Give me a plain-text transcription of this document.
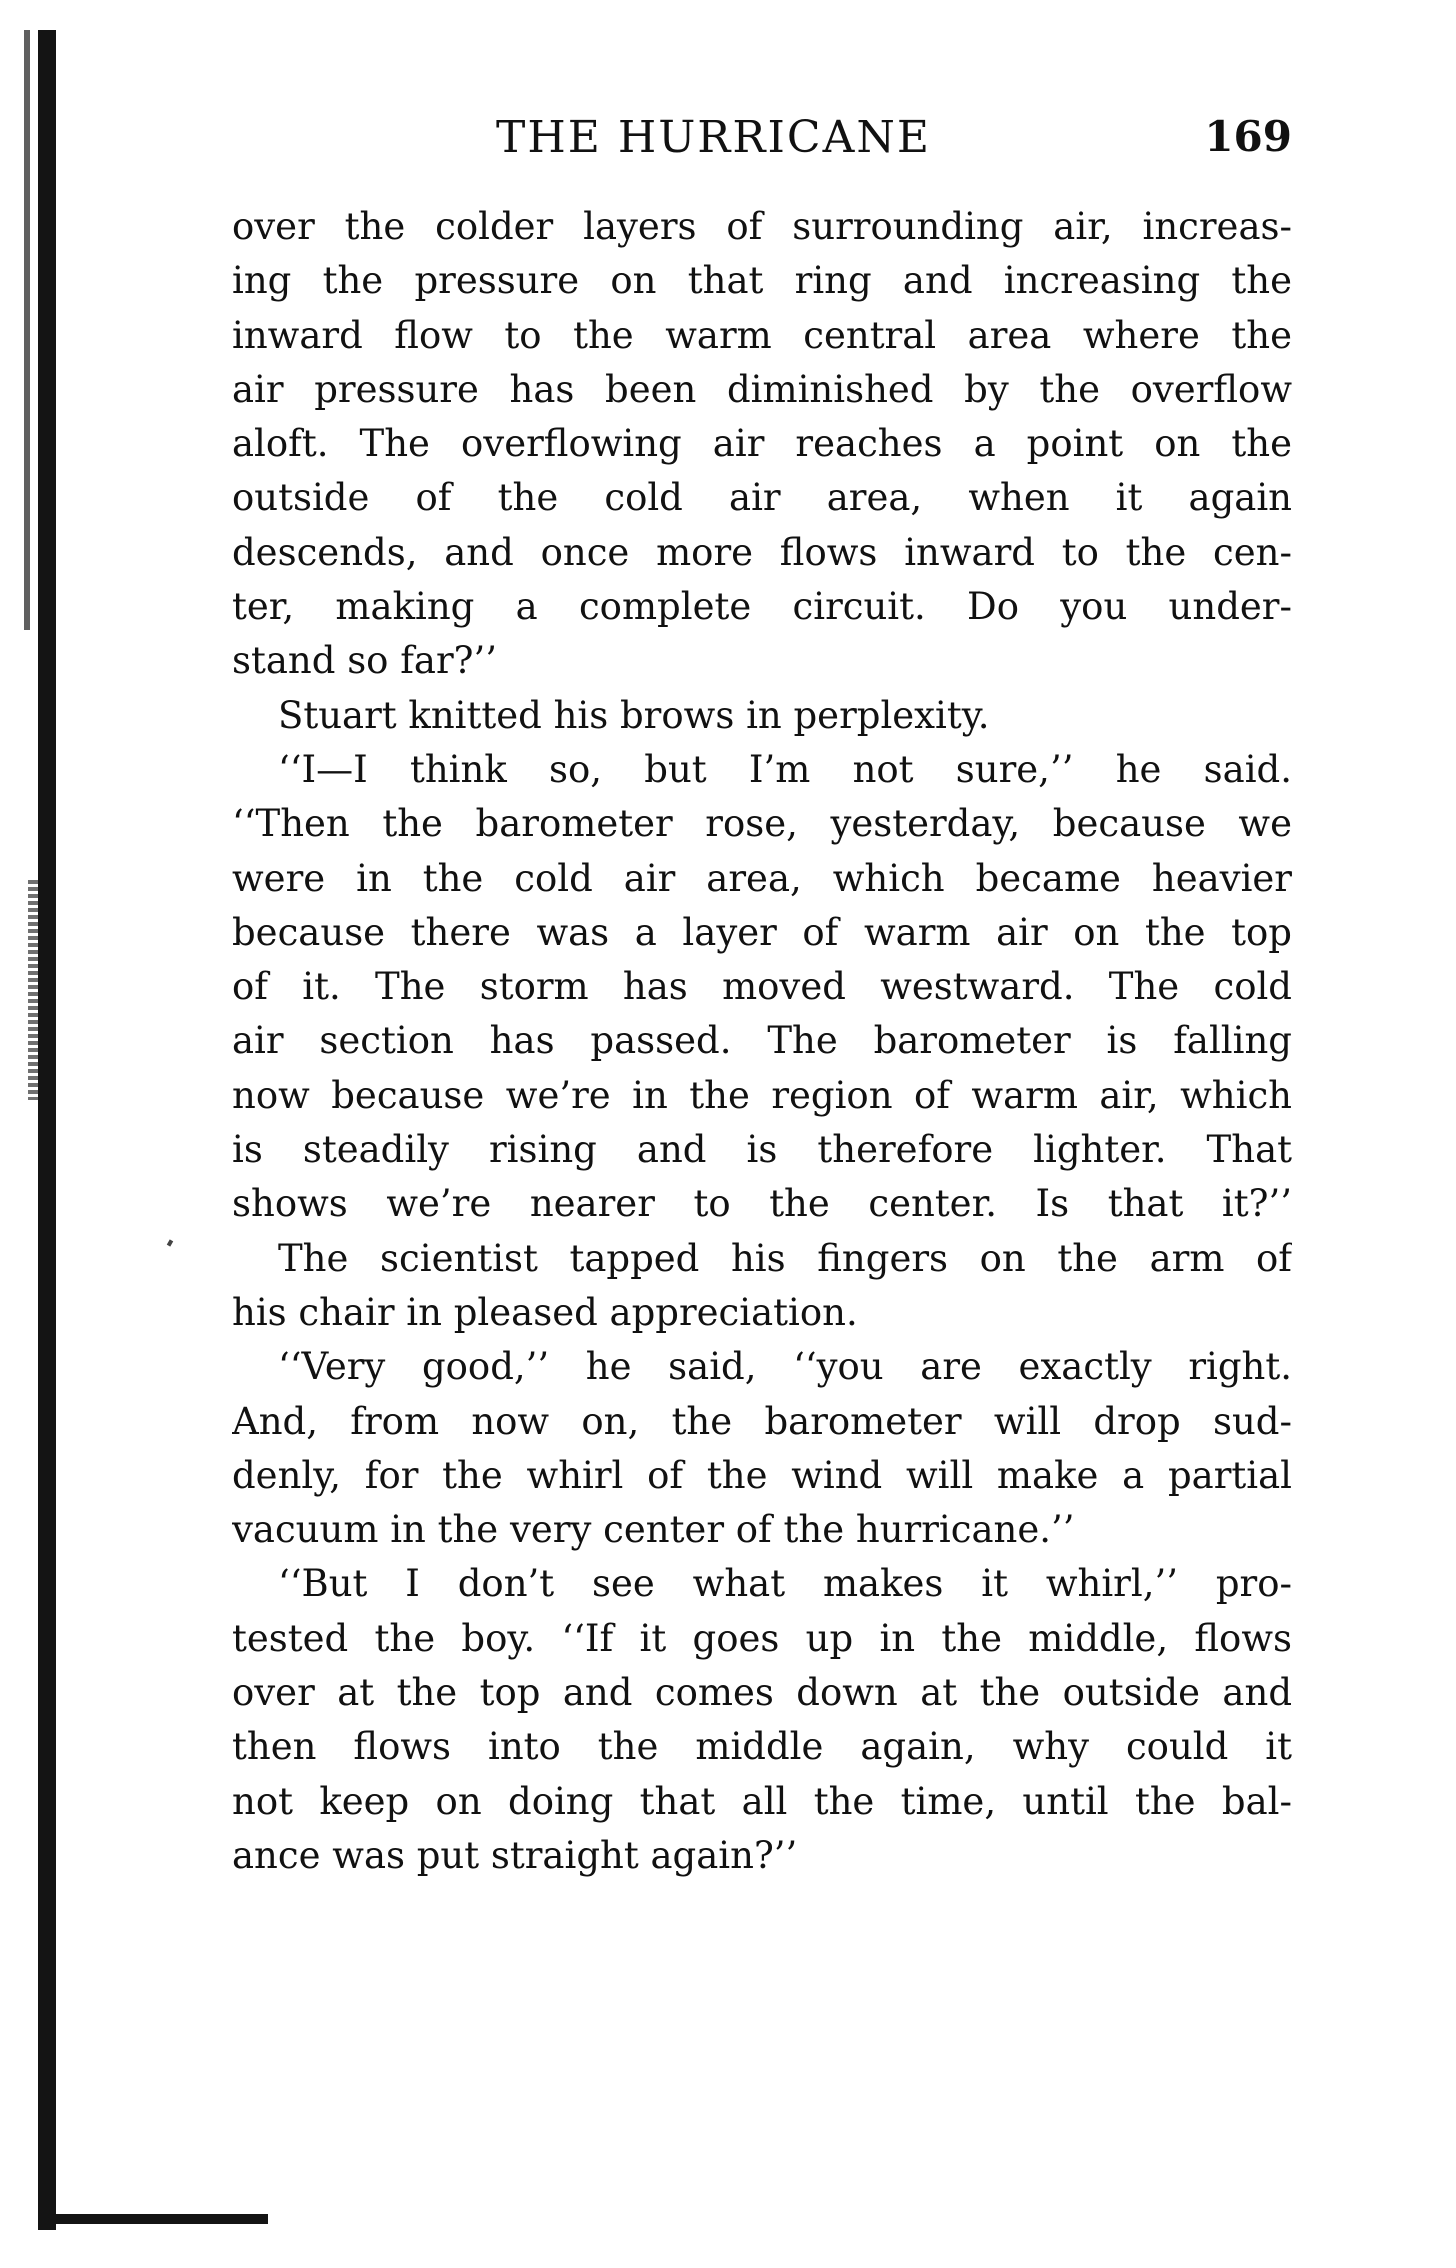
THE HURRICANE	169
over the colder layers of surrounding air, increas-
ing the pressure on that ring and increasing the
inward flow to the warm central area where the
air pressure has been diminished by the overflow
aloft. The overflowing air reaches a point on the
outside of the cold air area, when it again
descends, and once more flows inward to the cen-
ter, making a complete circuit. Do you under-
stand so far?’’
Stuart knitted his brows in perplexity.
‘‘I—I think so, but I’m not sure,’’ he said.
‘‘Then the barometer rose, yesterday, because we
were in the cold air area, which became heavier
because there was a layer of warm air on the top
of it. The storm has moved westward. The cold
air section has passed. The barometer is falling
now because we’re in the region of warm air, which
is steadily rising and is therefore lighter. That
shows we’re nearer to the center. Is that it?’’
The scientist tapped his fingers on the arm of
his chair in pleased appreciation.
‘‘Very good,’’ he said, ‘‘you are exactly right.
And, from now on, the barometer will drop sud-
denly, for the whirl of the wind will make a partial
vacuum in the very center of the hurricane.’’
‘‘But I don’t see what makes it whirl,’’ pro-
tested the boy. ‘‘If it goes up in the middle, flows
over at the top and comes down at the outside and
then flows into the middle again, why could it
not keep on doing that all the time, until the bal-
ance was put straight again?’’
